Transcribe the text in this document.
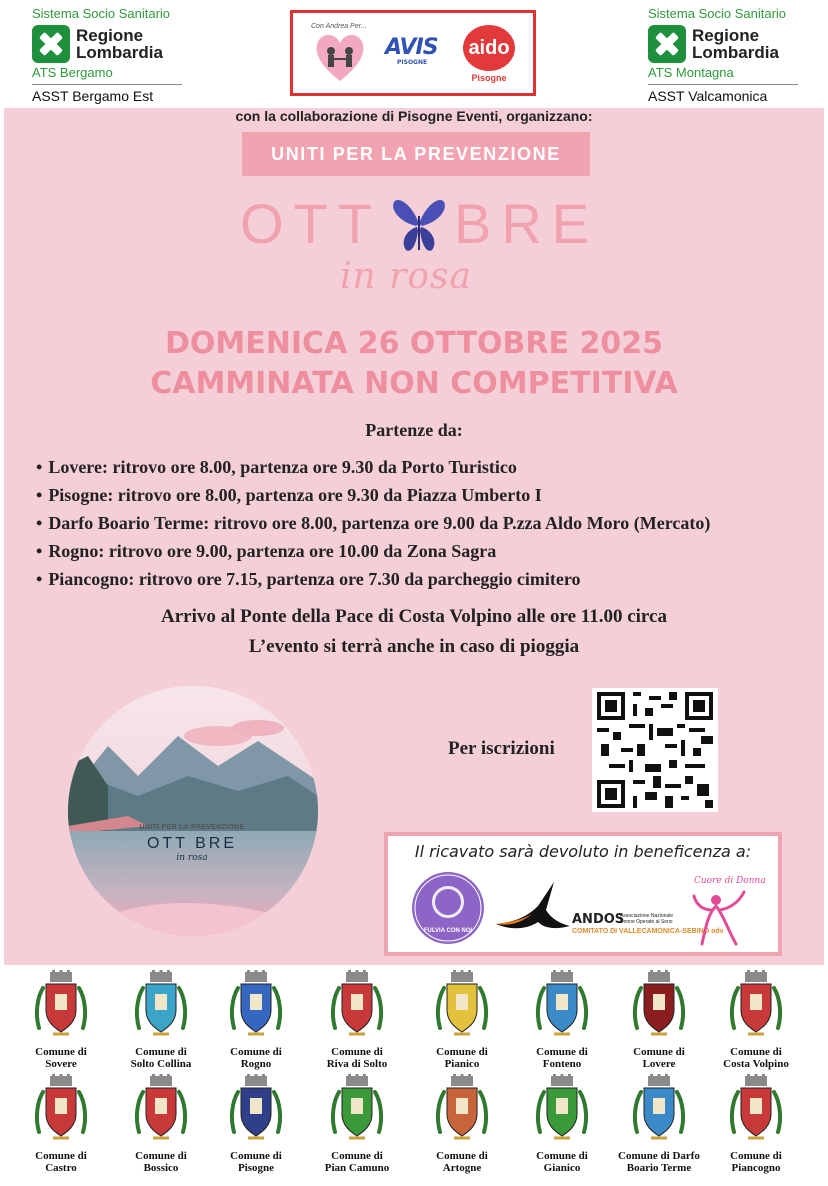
Sistema Socio Sanitario
Regione
Lombardia
ATS Bergamo
ASST Bergamo Est
Con Andrea Per...
AVIS
PISOGNE
aido
Pisogne
Sistema Socio Sanitario
Regione
Lombardia
ATS Montagna
ASST Valcamonica
con la collaborazione di Pisogne Eventi, organizzano:
UNITI PER LA PREVENZIONE
OTT BRE
in rosa
DOMENICA 26 OTTOBRE 2025
CAMMINATA NON COMPETITIVA
Partenze da:
• Lovere: ritrovo ore 8.00, partenza ore 9.30 da Porto Turistico
• Pisogne: ritrovo ore 8.00, partenza ore 9.30 da Piazza Umberto I
• Darfo Boario Terme: ritrovo ore 8.00, partenza ore 9.00 da P.zza Aldo Moro (Mercato)
• Rogno: ritrovo ore 9.00, partenza ore 10.00 da Zona Sagra
• Piancogno: ritrovo ore 7.15, partenza ore 7.30 da parcheggio cimitero
Arrivo al Ponte della Pace di Costa Volpino alle ore 11.00 circa
L’evento si terrà anche in caso di pioggia
UNITI PER LA PREVENZIONE
OTT BRE
in rosa
Per iscrizioni
Il ricavato sarà devoluto in beneficenza a:
FULVIA CON NOI
ANDOS
Associazione Nazionale Donne Operate al Seno
COMITATO DI VALLECAMONICA-SEBINO odv
Cuore di Donna
Comune di
Sovere
Comune di
Solto Collina
Comune di
Rogno
Comune di
Riva di Solto
Comune di
Pianico
Comune di
Fonteno
Comune di
Lovere
Comune di
Costa Volpino
Comune di
Castro
Comune di
Bossico
Comune di
Pisogne
Comune di
Pian Camuno
Comune di
Artogne
Comune di
Gianico
Comune di Darfo
Boario Terme
Comune di
Piancogno
